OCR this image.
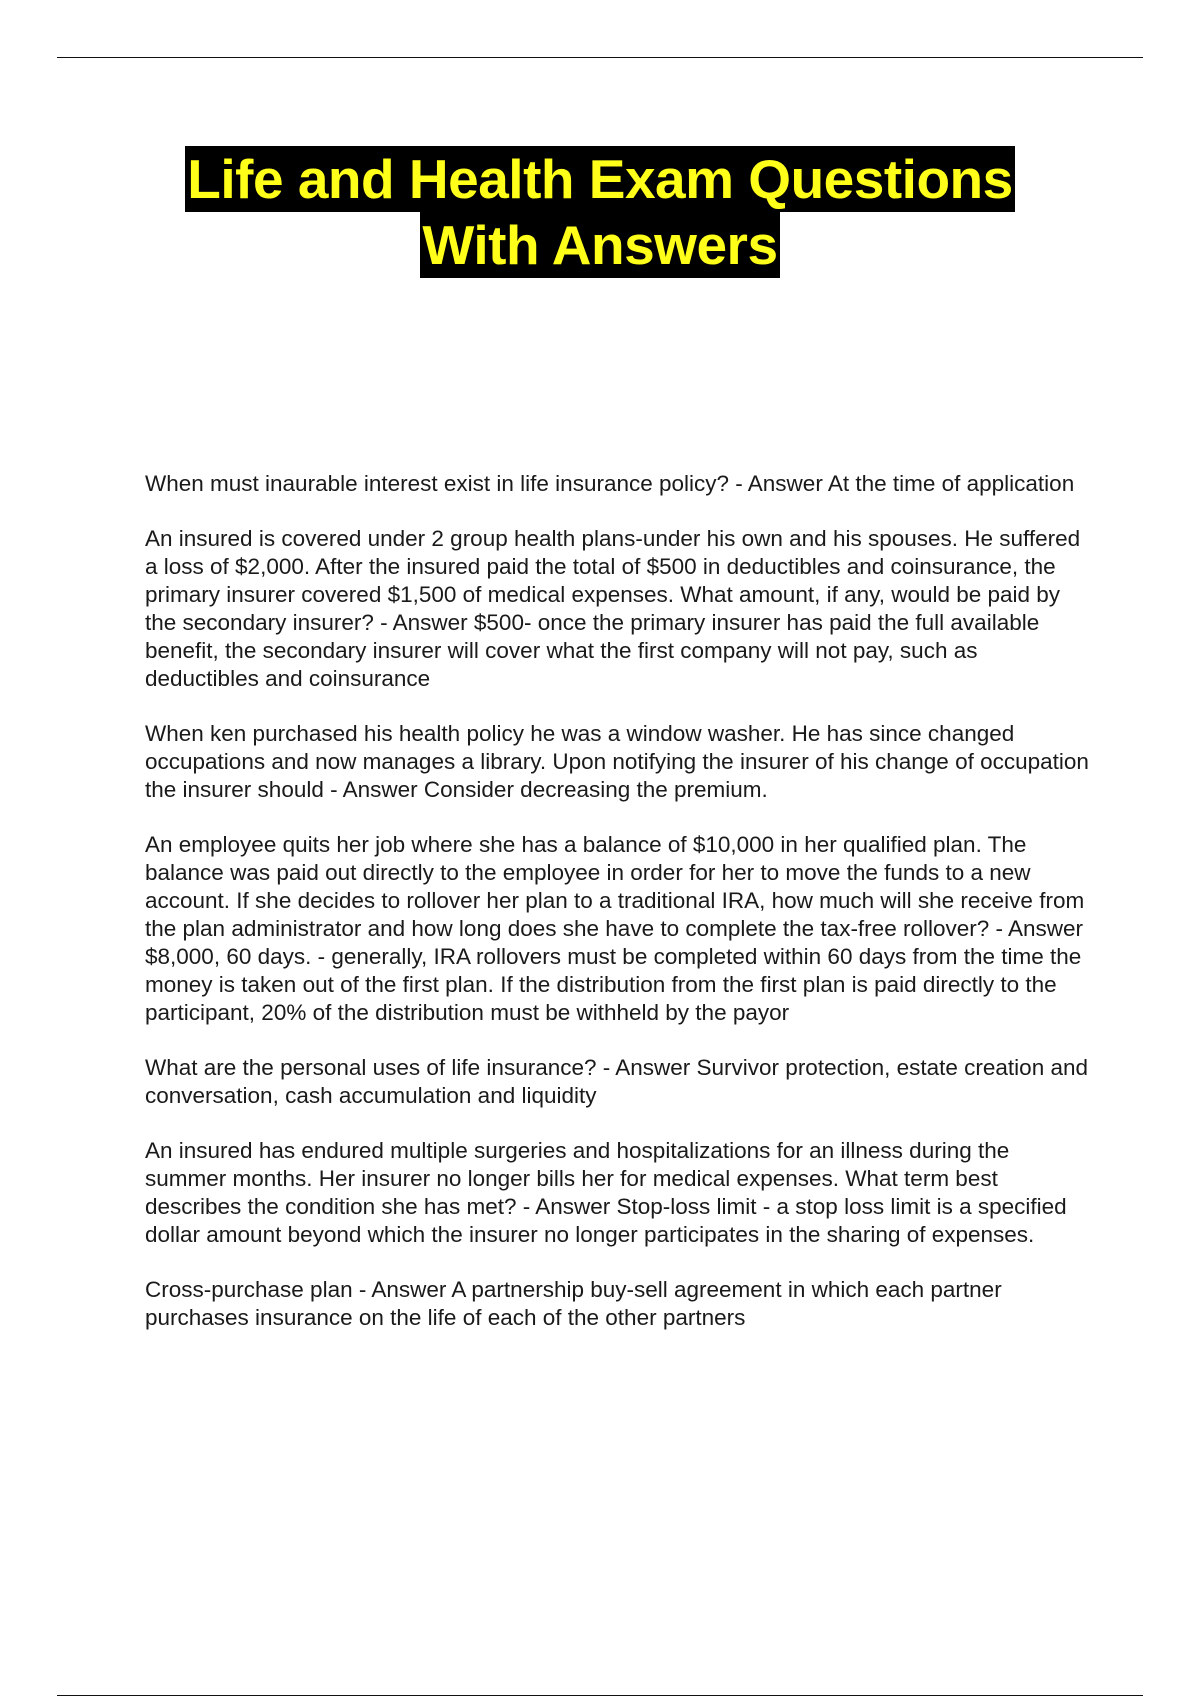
Life and Health Exam Questions
With Answers

When must inaurable interest exist in life insurance policy? - Answer At the time of application

An insured is covered under 2 group health plans-under his own and his spouses. He suffered a loss of $2,000. After the insured paid the total of $500 in deductibles and coinsurance, the primary insurer covered $1,500 of medical expenses. What amount, if any, would be paid by the secondary insurer? - Answer $500- once the primary insurer has paid the full available benefit, the secondary insurer will cover what the first company will not pay, such as deductibles and coinsurance

When ken purchased his health policy he was a window washer. He has since changed occupations and now manages a library. Upon notifying the insurer of his change of occupation the insurer should - Answer Consider decreasing the premium.

An employee quits her job where she has a balance of $10,000 in her qualified plan. The balance was paid out directly to the employee in order for her to move the funds to a new account. If she decides to rollover her plan to a traditional IRA, how much will she receive from the plan administrator and how long does she have to complete the tax-free rollover? - Answer $8,000, 60 days. - generally, IRA rollovers must be completed within 60 days from the time the money is taken out of the first plan. If the distribution from the first plan is paid directly to the participant, 20% of the distribution must be withheld by the payor

What are the personal uses of life insurance? - Answer Survivor protection, estate creation and conversation, cash accumulation and liquidity

An insured has endured multiple surgeries and hospitalizations for an illness during the summer months. Her insurer no longer bills her for medical expenses. What term best describes the condition she has met? - Answer Stop-loss limit - a stop loss limit is a specified dollar amount beyond which the insurer no longer participates in the sharing of expenses.

Cross-purchase plan - Answer A partnership buy-sell agreement in which each partner purchases insurance on the life of each of the other partners
